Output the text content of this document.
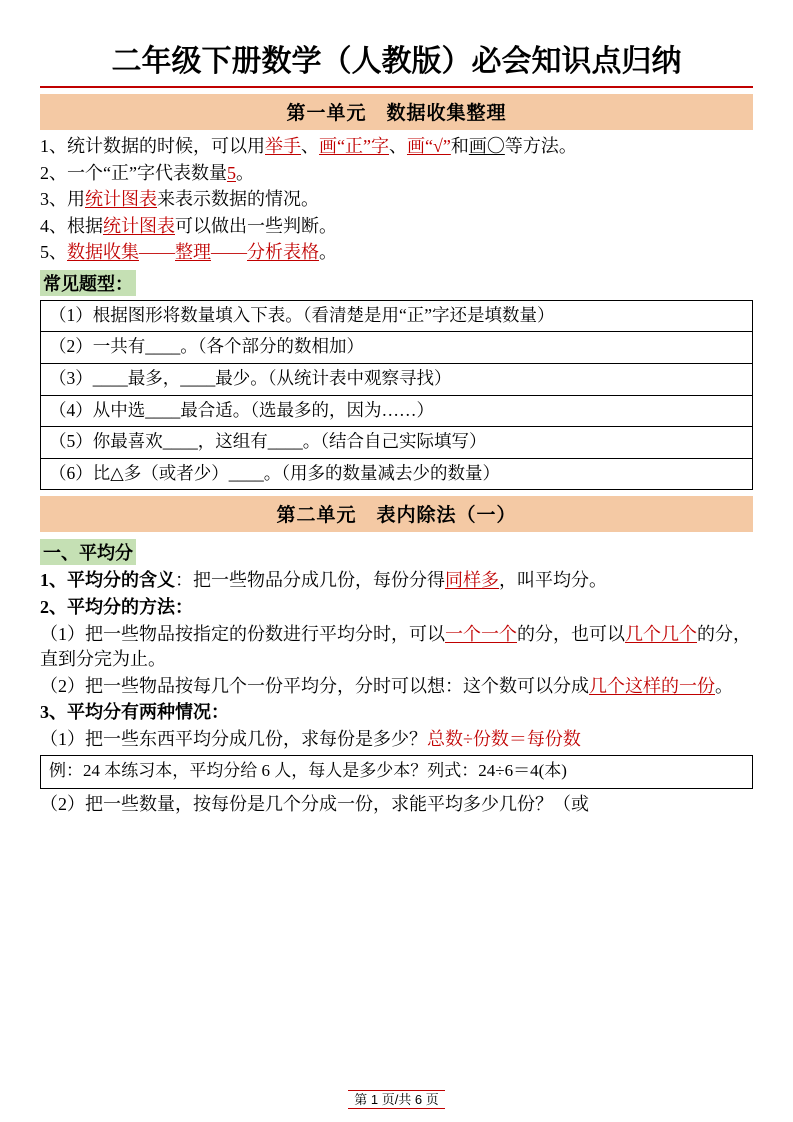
二年级下册数学（人教版）必会知识点归纳
第一单元　数据收集整理
1、统计数据的时候，可以用举手、画“正”字、画“√”和画〇等方法。
2、一个“正”字代表数量5。
3、用统计图表来表示数据的情况。
4、根据统计图表可以做出一些判断。
5、数据收集——整理——分析表格。
常见题型：
（1）根据图形将数量填入下表。（看清楚是用“正”字还是填数量）
（2）一共有____。（各个部分的数相加）
（3）____最多，____最少。（从统计表中观察寻找）
（4）从中选____最合适。（选最多的，因为……）
（5）你最喜欢____，这组有____。（结合自己实际填写）
（6）比△多（或者少）____。（用多的数量减去少的数量）
第二单元　表内除法（一）
一、平均分
1、平均分的含义：把一些物品分成几份，每份分得同样多，叫平均分。
2、平均分的方法：
（1）把一些物品按指定的份数进行平均分时，可以一个一个的分，也可以几个几个的分，直到分完为止。
（2）把一些物品按每几个一份平均分，分时可以想：这个数可以分成几个这样的一份。
3、平均分有两种情况：
（1）把一些东西平均分成几份，求每份是多少？总数÷份数＝每份数
例：24 本练习本，平均分给 6 人，每人是多少本？列式：24÷6＝4(本)
（2）把一些数量，按每份是几个分成一份，求能平均多少几份？（或
第 1 页/共 6 页
